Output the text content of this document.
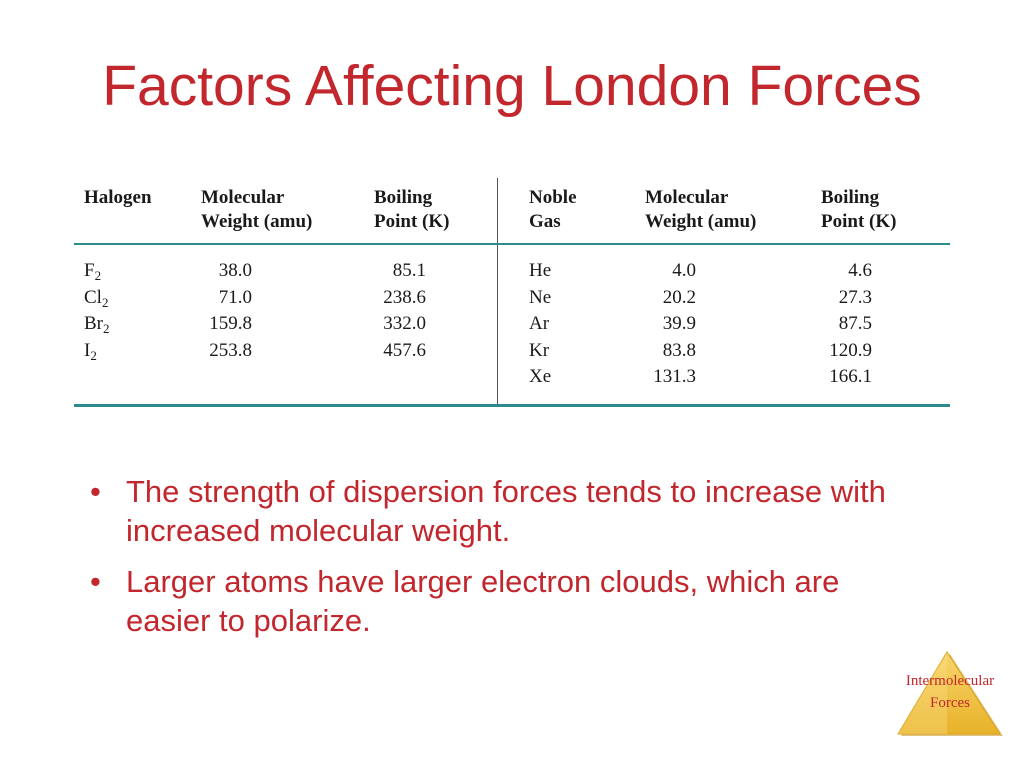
Factors Affecting London Forces
Halogen	Molecular
Weight (amu)
Boiling
Point (K)
Noble
Gas
Molecular
Weight (amu)
Boiling
Point (K)
$F_2$
$Cl_2$
$Br_2$
$I_2$
38.0
71.0
159.8
253.8
85.1
238.6
332.0
457.6
He
Ne
Ar
Kr
Xe
4.0
20.2
39.9
83.8
131.3
4.6
27.3
87.5
120.9
166.1
• The strength of dispersion forces tends to increase with increased molecular weight.
• Larger atoms have larger electron clouds, which are easier to polarize.
Intermolecular
Forces
